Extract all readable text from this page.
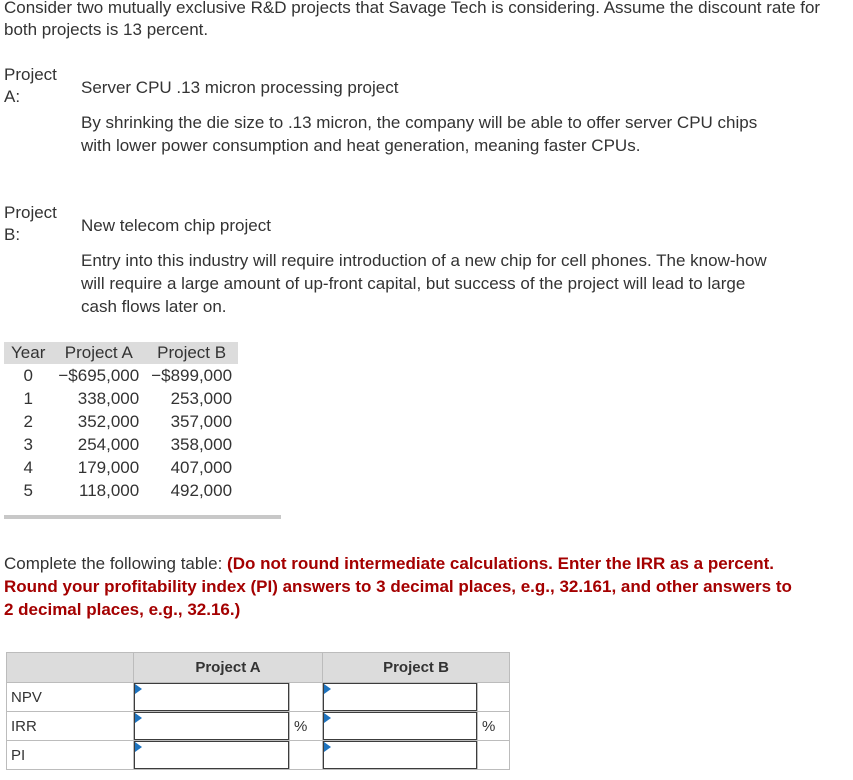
Consider two mutually exclusive R&D projects that Savage Tech is considering. Assume the discount rate for both projects is 13 percent.
Project A:	Server CPU .13 micron processing project
By shrinking the die size to .13 micron, the company will be able to offer server CPU chips with lower power consumption and heat generation, meaning faster CPUs.
Project B:	New telecom chip project
Entry into this industry will require introduction of a new chip for cell phones. The know-how will require a large amount of up-front capital, but success of the project will lead to large cash flows later on.
Year	Project A	Project B
0	−$695,000	−$899,000
1	338,000	253,000
2	352,000	357,000
3	254,000	358,000
4	179,000	407,000
5	118,000	492,000
Complete the following table: (Do not round intermediate calculations. Enter the IRR as a percent. Round your profitability index (PI) answers to 3 decimal places, e.g., 32.161, and other answers to 2 decimal places, e.g., 32.16.)
	Project A		Project B	
NPV	

IRR		%		%
PI	
